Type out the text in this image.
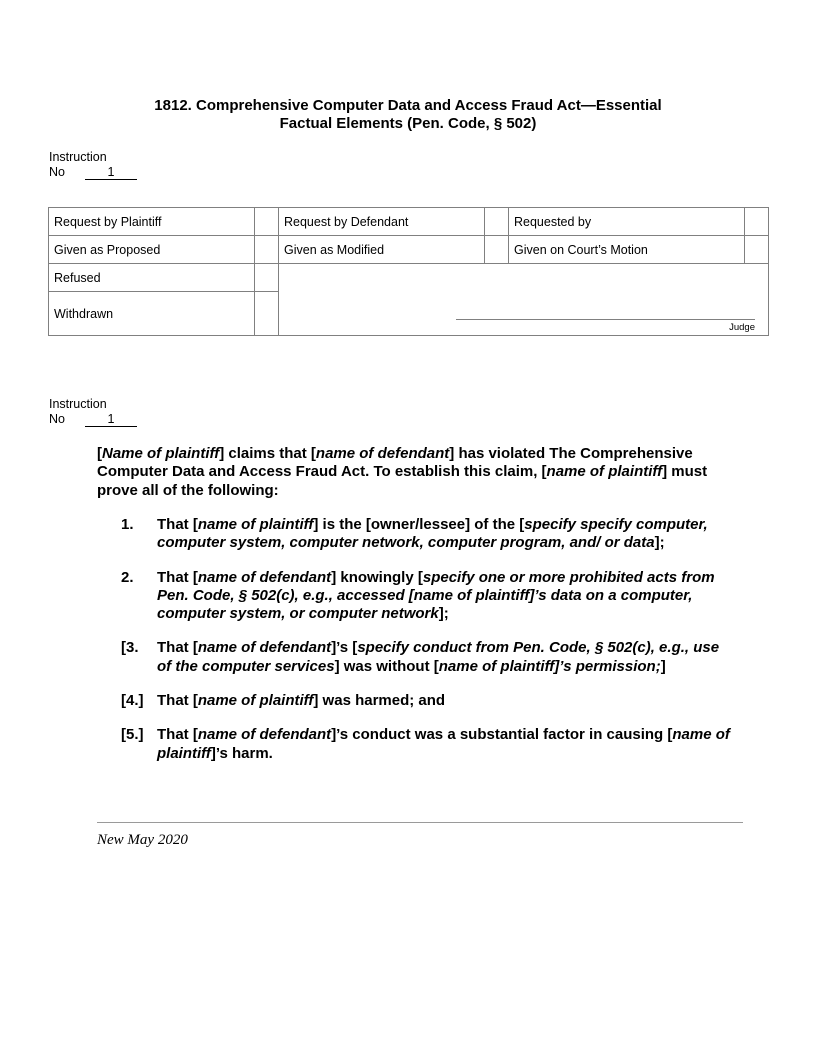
1812. Comprehensive Computer Data and Access Fraud Act—Essential
Factual Elements (Pen. Code, § 502)
Instruction
No	1
Request by Plaintiff		Request by Defendant		Requested by	
Given as Proposed		Given as Modified		Given on Court’s Motion	
Refused		Judge			

Withdrawn					
Instruction
No	1
[Name of plaintiff] claims that [name of defendant] has violated The Comprehensive Computer Data and Access Fraud Act. To establish this claim, [name of plaintiff] must prove all of the following:
1. That [name of plaintiff] is the [owner/lessee] of the [specify specify computer, computer system, computer network, computer program, and/ or data];
2. That [name of defendant] knowingly [specify one or more prohibited acts from Pen. Code, § 502(c), e.g., accessed [name of plaintiff]’s data on a computer, computer system, or computer network];
[3. That [name of defendant]’s [specify conduct from Pen. Code, § 502(c), e.g., use of the computer services] was without [name of plaintiff]’s permission;]
[4.] That [name of plaintiff] was harmed; and
[5.] That [name of defendant]’s conduct was a substantial factor in causing [name of plaintiff]’s harm.
New May 2020
